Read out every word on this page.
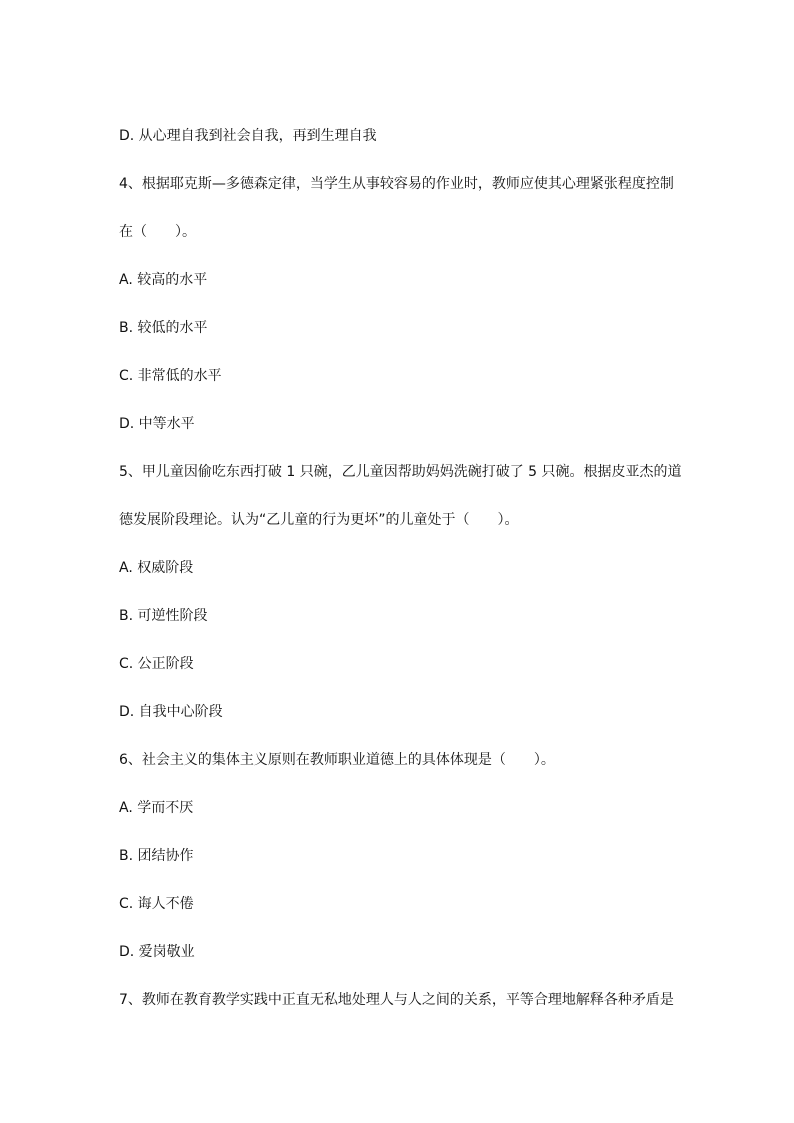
D. 从心理自我到社会自我，再到生理自我
4、根据耶克斯—多德森定律，当学生从事较容易的作业时，教师应使其心理紧张程度控制
在（　　）。
A. 较高的水平
B. 较低的水平
C. 非常低的水平
D. 中等水平
5、甲儿童因偷吃东西打破 1 只碗，乙儿童因帮助妈妈洗碗打破了 5 只碗。根据皮亚杰的道
德发展阶段理论。认为“乙儿童的行为更坏”的儿童处于（　　）。
A. 权威阶段
B. 可逆性阶段
C. 公正阶段
D. 自我中心阶段
6、社会主义的集体主义原则在教师职业道德上的具体体现是（　　）。
A. 学而不厌
B. 团结协作
C. 诲人不倦
D. 爱岗敬业
7、教师在教育教学实践中正直无私地处理人与人之间的关系，平等合理地解释各种矛盾是
